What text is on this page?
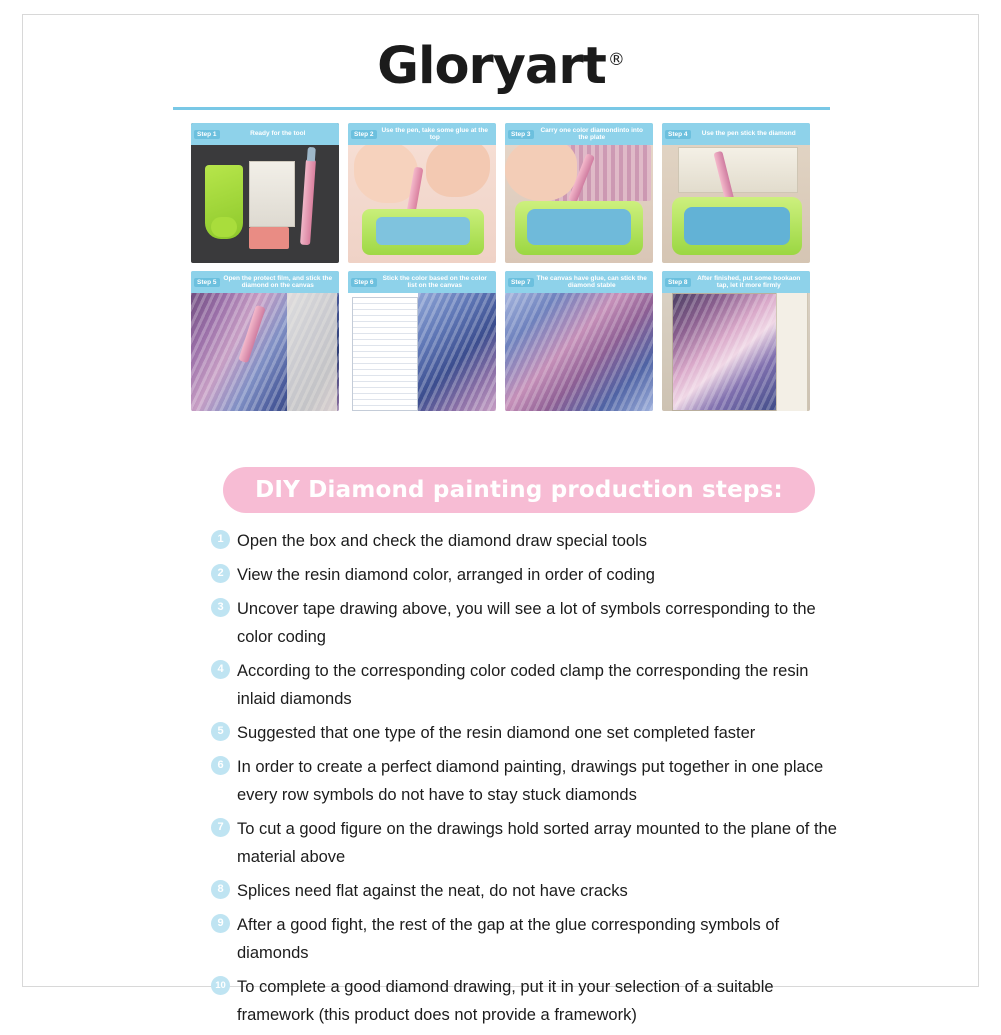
Gloryart ®
Step 1	Ready for the tool	Step 2
Use the pen, take some glue at the top	Step 3
Carry one color diamondinto into the plate	Step 4	Use the pen stick the diamond
Step 5
Open the protect film, and stick the diamond on the canvas	Step 6
Stick the color based on the color list on the canvas	Step 7
The canvas have glue, can stick the diamond stable	Step 8
After finished, put some bookaon tap, let it more firmly
DIY Diamond painting production steps:
1 Open the box and check the diamond draw special tools
2 View the resin diamond color, arranged in order of coding
3 Uncover tape drawing above, you will see a lot of symbols corresponding to the color coding
4 According to the corresponding color coded clamp the corresponding the resin inlaid diamonds
5 Suggested that one type of the resin diamond one set completed faster
6 In order to create a perfect diamond painting, drawings put together in one place every row symbols do not have to stay stuck diamonds
7 To cut a good figure on the drawings hold sorted array mounted to the plane of the material above
8 Splices need flat against the neat, do not have cracks
9 After a good fight, the rest of the gap at the glue corresponding symbols of diamonds
10 To complete a good diamond drawing, put it in your selection of a suitable framework (this product does not provide a framework)
